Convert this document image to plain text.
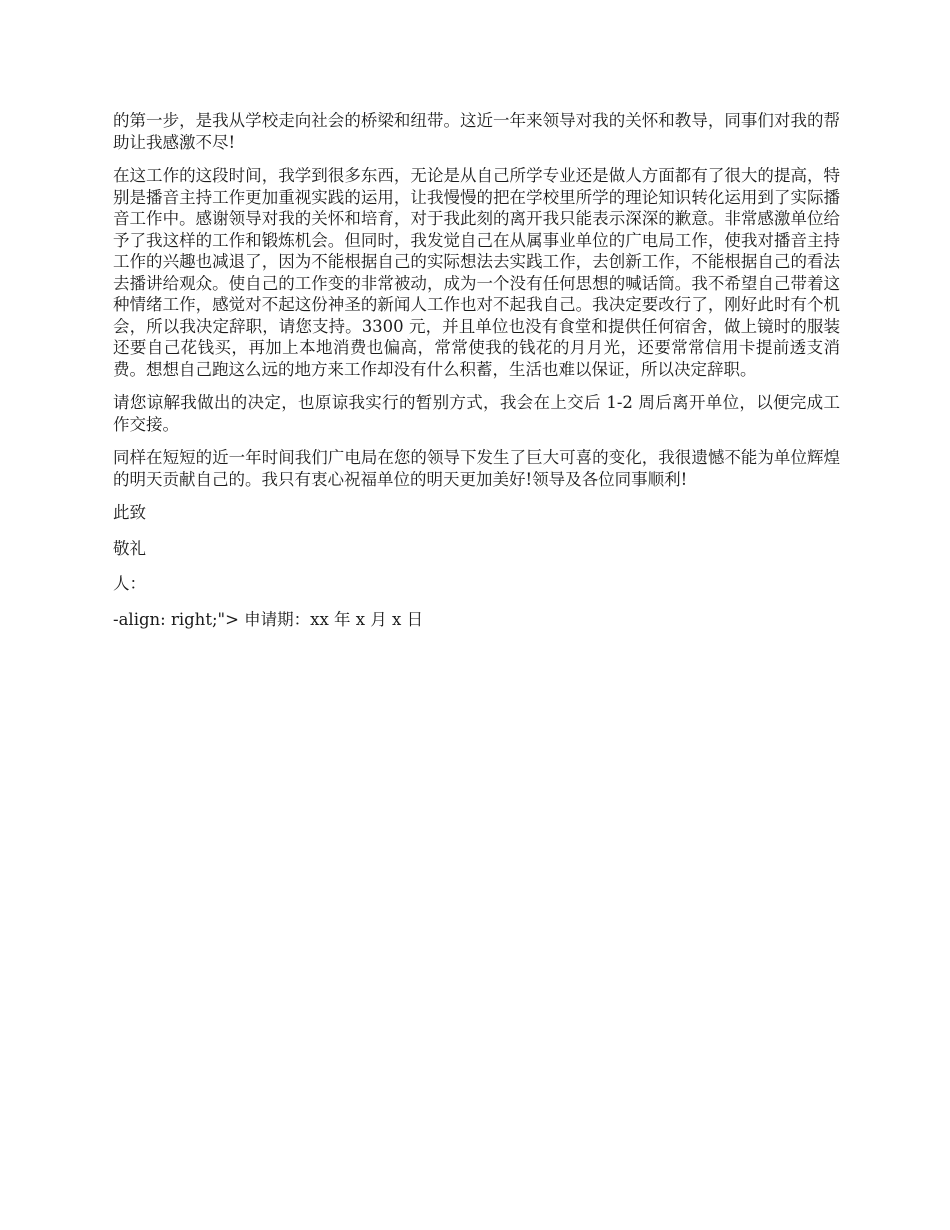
的第一步，是我从学校走向社会的桥梁和纽带。这近一年来领导对我的关怀和教导，同事们对我的帮助让我感激不尽!

在这工作的这段时间，我学到很多东西，无论是从自己所学专业还是做人方面都有了很大的提高，特别是播音主持工作更加重视实践的运用，让我慢慢的把在学校里所学的理论知识转化运用到了实际播音工作中。感谢领导对我的关怀和培育，对于我此刻的离开我只能表示深深的歉意。非常感激单位给予了我这样的工作和锻炼机会。但同时，我发觉自己在从属事业单位的广电局工作，使我对播音主持工作的兴趣也减退了，因为不能根据自己的实际想法去实践工作，去创新工作，不能根据自己的看法去播讲给观众。使自己的工作变的非常被动，成为一个没有任何思想的喊话筒。我不希望自己带着这种情绪工作，感觉对不起这份神圣的新闻人工作也对不起我自己。我决定要改行了，刚好此时有个机会，所以我决定辞职，请您支持。3300 元，并且单位也没有食堂和提供任何宿舍，做上镜时的服装还要自己花钱买，再加上本地消费也偏高，常常使我的钱花的月月光，还要常常信用卡提前透支消费。想想自己跑这么远的地方来工作却没有什么积蓄，生活也难以保证，所以决定辞职。

请您谅解我做出的决定，也原谅我实行的暂别方式，我会在上交后 1-2 周后离开单位，以便完成工作交接。

同样在短短的近一年时间我们广电局在您的领导下发生了巨大可喜的变化，我很遗憾不能为单位辉煌的明天贡献自己的。我只有衷心祝福单位的明天更加美好!领导及各位同事顺利!

此致

敬礼

人：

-align: right;"> 申请期：xx 年 x 月 x 日
